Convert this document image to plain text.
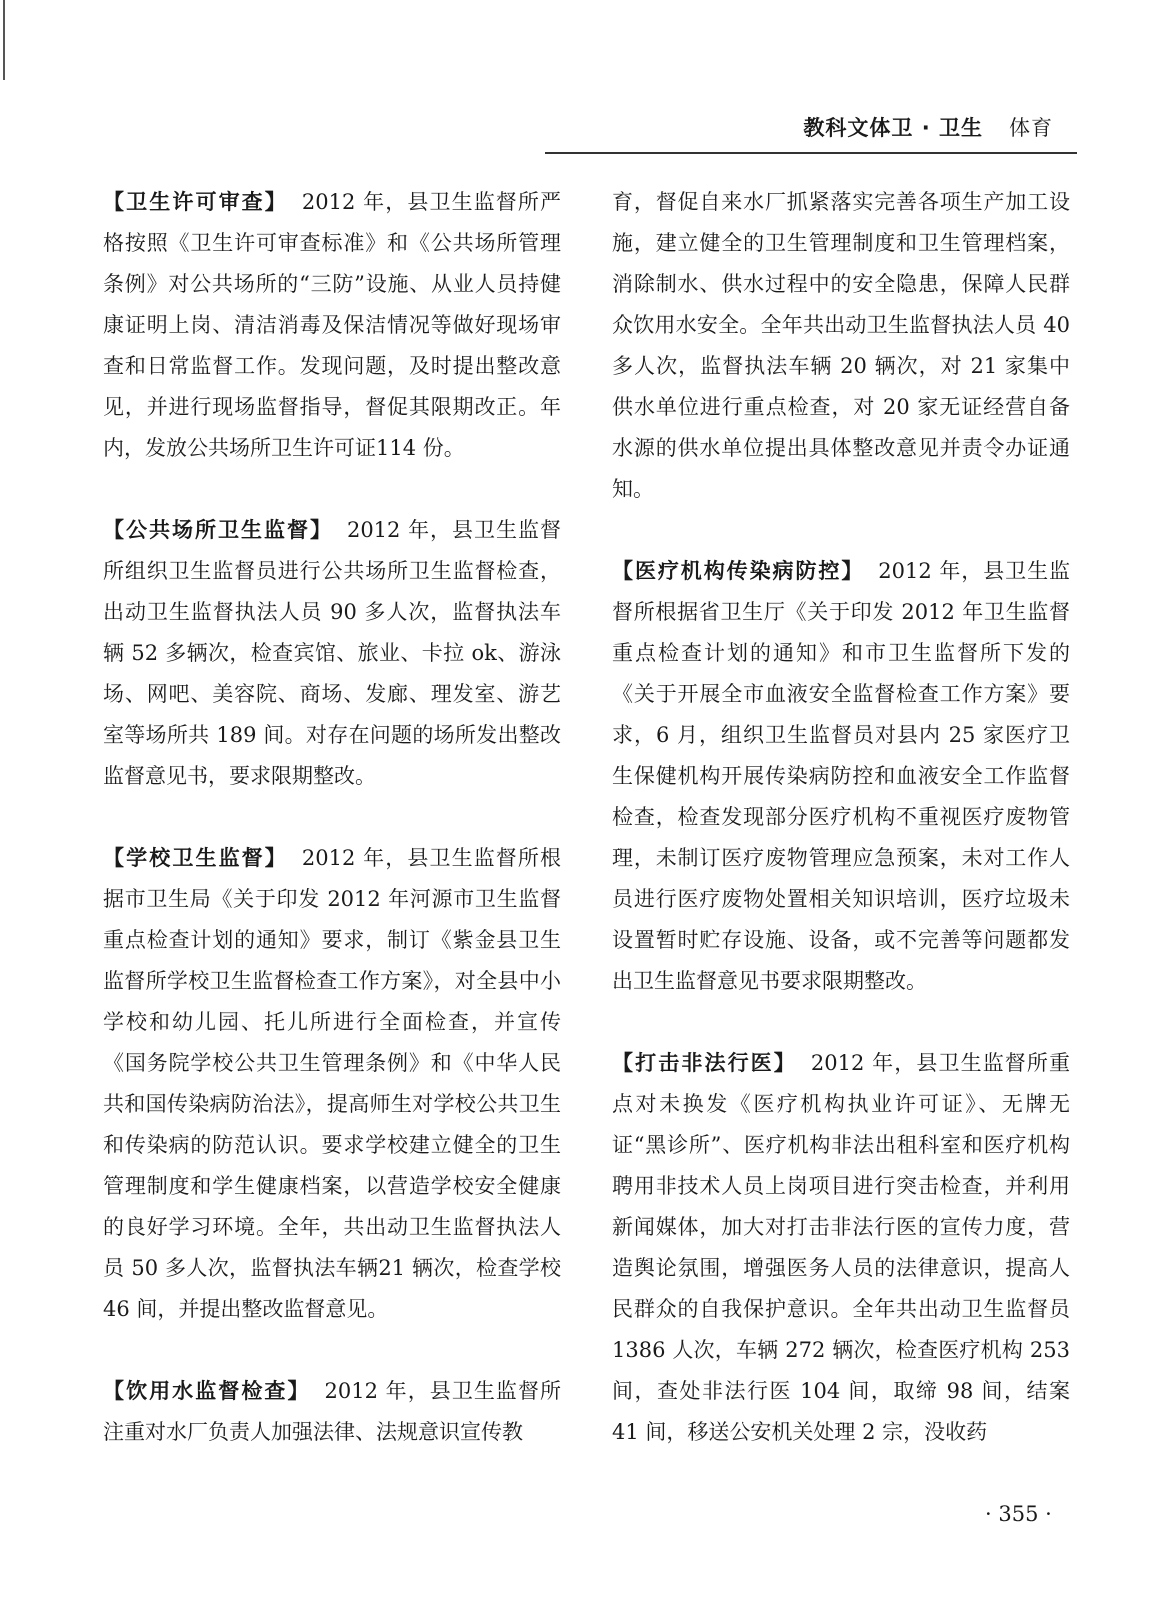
教科文体卫 · 卫生 体育

【 卫生许可审查 】 2012 年，县卫生监督所严格按照《卫生许可审查标准》和《公共场所管理条例》对公共场所的“三防”设施、从业人员持健康证明上岗、清洁消毒及保洁情况等做好现场审查和日常监督工作。发现问题，及时提出整改意见，并进行现场监督指导，督促其限期改正。年内，发放公共场所卫生许可证114 份。

【 公共场所卫生监督 】 2012 年，县卫生监督所组织卫生监督员进行公共场所卫生监督检查，出动卫生监督执法人员 90 多人次，监督执法车辆 52 多辆次，检查宾馆、旅业、卡拉 ok、游泳场、网吧、美容院、商场、发廊、理发室、游艺室等场所共 189 间。对存在问题的场所发出整改监督意见书，要求限期整改。

【 学校卫生监督 】 2012 年，县卫生监督所根据市卫生局《关于印发 2012 年河源市卫生监督重点检查计划的通知》要求，制订《紫金县卫生监督所学校卫生监督检查工作方案》，对全县中小学校和幼儿园、托儿所进行全面检查，并宣传《国务院学校公共卫生管理条例》和《中华人民共和国传染病防治法》，提高师生对学校公共卫生和传染病的防范认识。要求学校建立健全的卫生管理制度和学生健康档案，以营造学校安全健康的良好学习环境。全年，共出动卫生监督执法人员 50 多人次，监督执法车辆21 辆次，检查学校46 间，并提出整改监督意见。

【 饮用水监督检查 】 2012 年，县卫生监督所注重对水厂负责人加强法律、法规意识宣传教

育，督促自来水厂抓紧落实完善各项生产加工设施，建立健全的卫生管理制度和卫生管理档案，消除制水、供水过程中的安全隐患，保障人民群众饮用水安全。全年共出动卫生监督执法人员 40 多人次，监督执法车辆 20 辆次，对 21 家集中供水单位进行重点检查，对 20 家无证经营自备水源的供水单位提出具体整改意见并责令办证通知。

【 医疗机构传染病防控 】 2012 年，县卫生监督所根据省卫生厅《关于印发 2012 年卫生监督重点检查计划的通知》和市卫生监督所下发的《关于开展全市血液安全监督检查工作方案》要求，6 月，组织卫生监督员对县内 25 家医疗卫生保健机构开展传染病防控和血液安全工作监督检查，检查发现部分医疗机构不重视医疗废物管理，未制订医疗废物管理应急预案，未对工作人员进行医疗废物处置相关知识培训，医疗垃圾未设置暂时贮存设施、设备，或不完善等问题都发出卫生监督意见书要求限期整改。

【 打击非法行医 】 2012 年，县卫生监督所重点对未换发《医疗机构执业许可证》、无牌无证“黑诊所”、医疗机构非法出租科室和医疗机构聘用非技术人员上岗项目进行突击检查，并利用新闻媒体，加大对打击非法行医的宣传力度，营造舆论氛围，增强医务人员的法律意识，提高人民群众的自我保护意识。全年共出动卫生监督员 1386 人次，车辆 272 辆次，检查医疗机构 253 间，查处非法行医 104 间，取缔 98 间，结案 41 间，移送公安机关处理 2 宗，没收药

· 355 ·
